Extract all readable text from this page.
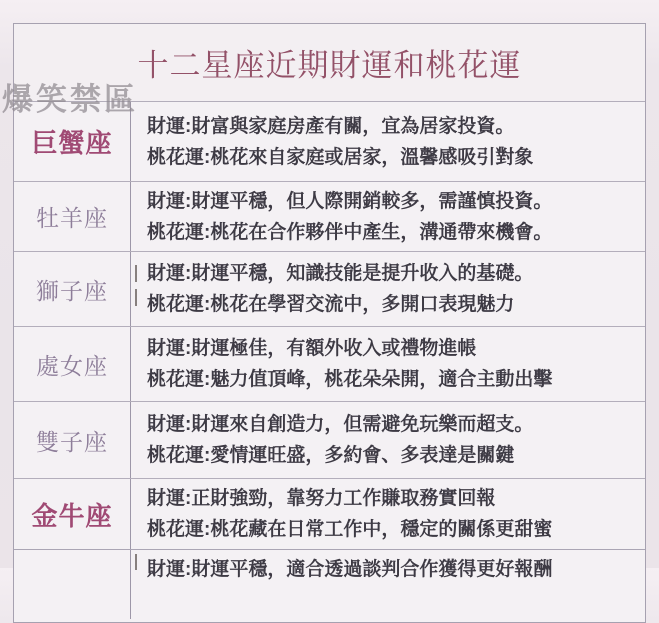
爆笑禁區
十二星座近期財運和桃花運
巨蟹座
財運:財富與家庭房產有關，宜為居家投資。
桃花運:桃花來自家庭或居家，溫馨感吸引對象
牡羊座
財運:財運平穩，但人際開銷較多，需謹慎投資。
桃花運:桃花在合作夥伴中產生，溝通帶來機會。
獅子座
財運:財運平穩，知識技能是提升收入的基礎。
桃花運:桃花在學習交流中，多開口表現魅力
處女座
財運:財運極佳，有額外收入或禮物進帳
桃花運:魅力值頂峰，桃花朵朵開，適合主動出擊
雙子座
財運:財運來自創造力，但需避免玩樂而超支。
桃花運:愛情運旺盛，多約會、多表達是關鍵
金牛座
財運:正財強勁，靠努力工作賺取務實回報
桃花運:桃花藏在日常工作中，穩定的關係更甜蜜
財運:財運平穩，適合透過談判合作獲得更好報酬
